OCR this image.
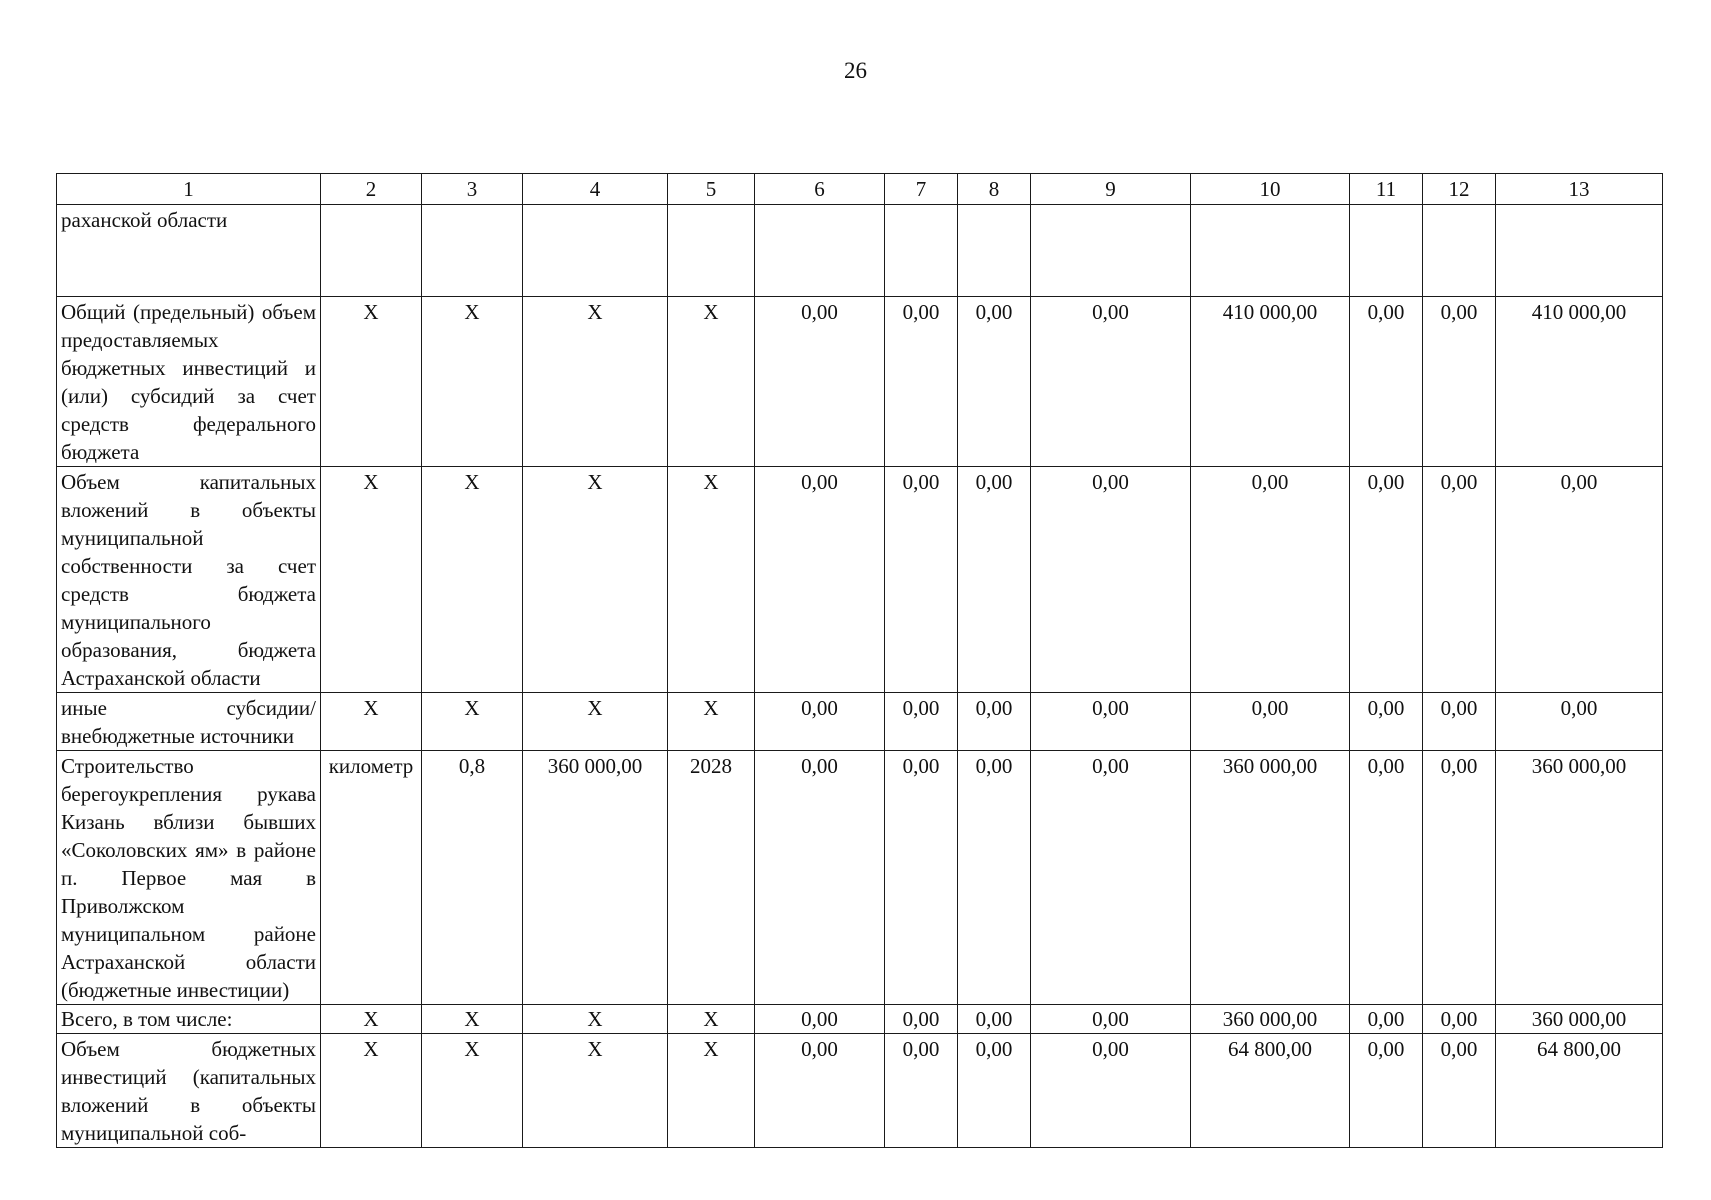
26
1	2	3	4	5	6	7	8	9	10	11	12	13
раханской области												
Общий (предельный) объем предоставляемых бюджетных инвестиций и (или) субсидий за счет средств федерального бюджета	X	X	X	X	0,00	0,00	0,00	0,00	410 000,00	0,00	0,00	410 000,00
Объем капитальных вложений в объекты муниципальной собственности за счет средств бюджета муниципального образования, бюджета Астраханской области	X	X	X	X	0,00	0,00	0,00	0,00	0,00	0,00	0,00	0,00
иные субсидии/ внебюджетные источники	X	X	X	X	0,00	0,00	0,00	0,00	0,00	0,00	0,00	0,00
Строительство берегоукрепления рукава Кизань вблизи бывших «Соколовских ям» в районе п. Первое мая в Приволжском муниципальном районе Астраханской области (бюджетные инвестиции)	километр	0,8	360 000,00	2028	0,00	0,00	0,00	0,00	360 000,00	0,00	0,00	360 000,00
Всего, в том числе:	X	X	X	X	0,00	0,00	0,00	0,00	360 000,00	0,00	0,00	360 000,00
Объем бюджетных инвестиций (капитальных вложений в объекты муниципальной соб-	X	X	X	X	0,00	0,00	0,00	0,00	64 800,00	0,00	0,00	64 800,00
